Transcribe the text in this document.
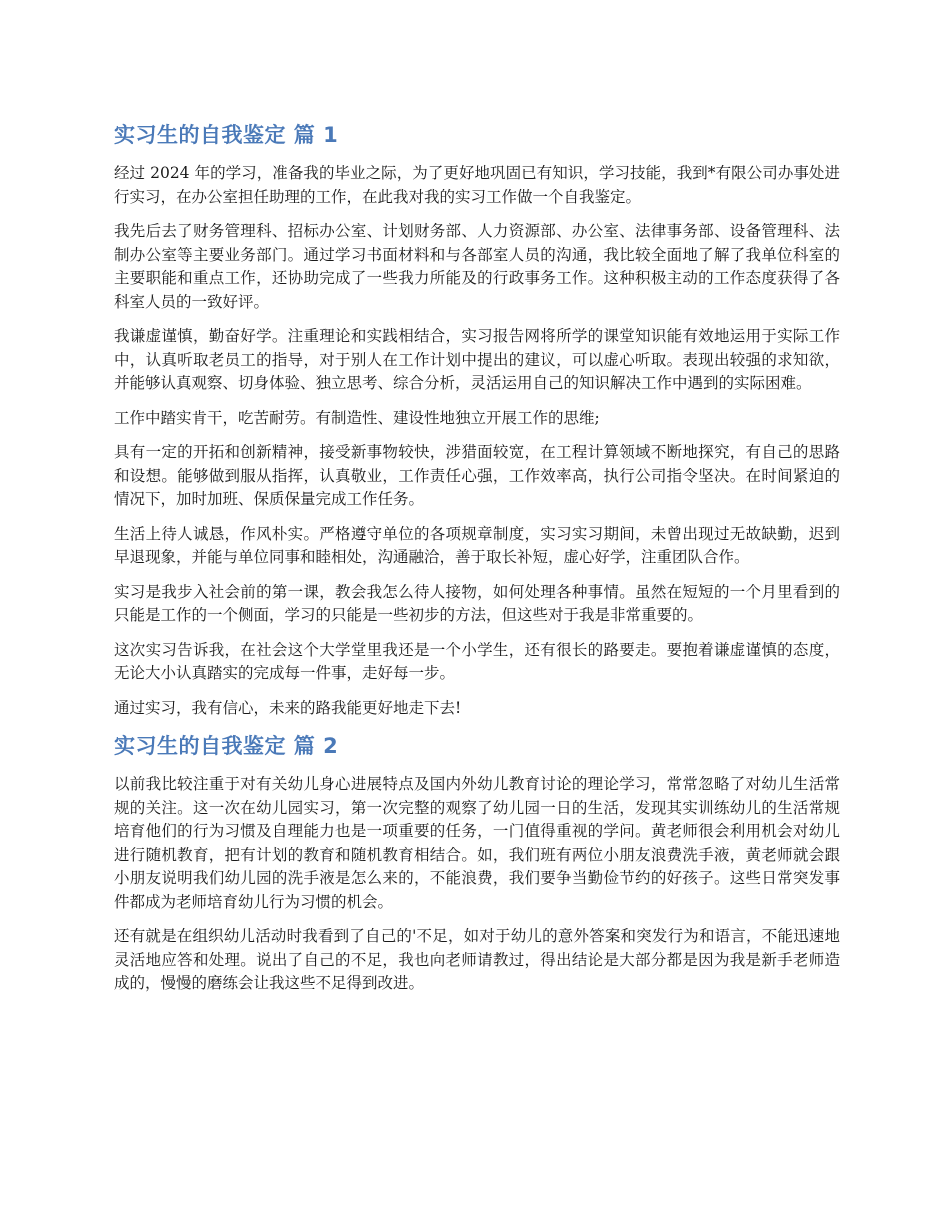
实习生的自我鉴定 篇 1

经过 2024 年的学习，准备我的毕业之际，为了更好地巩固已有知识，学习技能，我到*有限公司办事处进行实习，在办公室担任助理的工作，在此我对我的实习工作做一个自我鉴定。

我先后去了财务管理科、招标办公室、计划财务部、人力资源部、办公室、法律事务部、设备管理科、法制办公室等主要业务部门。通过学习书面材料和与各部室人员的沟通，我比较全面地了解了我单位科室的主要职能和重点工作，还协助完成了一些我力所能及的行政事务工作。这种积极主动的工作态度获得了各科室人员的一致好评。

我谦虚谨慎，勤奋好学。注重理论和实践相结合，实习报告网将所学的课堂知识能有效地运用于实际工作中，认真听取老员工的指导，对于别人在工作计划中提出的建议，可以虚心听取。表现出较强的求知欲，并能够认真观察、切身体验、独立思考、综合分析，灵活运用自己的知识解决工作中遇到的实际困难。

工作中踏实肯干，吃苦耐劳。有制造性、建设性地独立开展工作的思维;

具有一定的开拓和创新精神，接受新事物较快，涉猎面较宽，在工程计算领域不断地探究，有自己的思路和设想。能够做到服从指挥，认真敬业，工作责任心强，工作效率高，执行公司指令坚决。在时间紧迫的情况下，加时加班、保质保量完成工作任务。

生活上待人诚恳，作风朴实。严格遵守单位的各项规章制度，实习实习期间，未曾出现过无故缺勤，迟到早退现象，并能与单位同事和睦相处，沟通融洽，善于取长补短，虚心好学，注重团队合作。

实习是我步入社会前的第一课，教会我怎么待人接物，如何处理各种事情。虽然在短短的一个月里看到的只能是工作的一个侧面，学习的只能是一些初步的方法，但这些对于我是非常重要的。

这次实习告诉我，在社会这个大学堂里我还是一个小学生，还有很长的路要走。要抱着谦虚谨慎的态度，无论大小认真踏实的完成每一件事，走好每一步。

通过实习，我有信心，未来的路我能更好地走下去!

实习生的自我鉴定 篇 2

以前我比较注重于对有关幼儿身心进展特点及国内外幼儿教育讨论的理论学习，常常忽略了对幼儿生活常规的关注。这一次在幼儿园实习，第一次完整的观察了幼儿园一日的生活，发现其实训练幼儿的生活常规培育他们的行为习惯及自理能力也是一项重要的任务，一门值得重视的学问。黄老师很会利用机会对幼儿进行随机教育，把有计划的教育和随机教育相结合。如，我们班有两位小朋友浪费洗手液，黄老师就会跟小朋友说明我们幼儿园的洗手液是怎么来的，不能浪费，我们要争当勤俭节约的好孩子。这些日常突发事件都成为老师培育幼儿行为习惯的机会。

还有就是在组织幼儿活动时我看到了自己的'不足，如对于幼儿的意外答案和突发行为和语言，不能迅速地灵活地应答和处理。说出了自己的不足，我也向老师请教过，得出结论是大部分都是因为我是新手老师造成的，慢慢的磨练会让我这些不足得到改进。
